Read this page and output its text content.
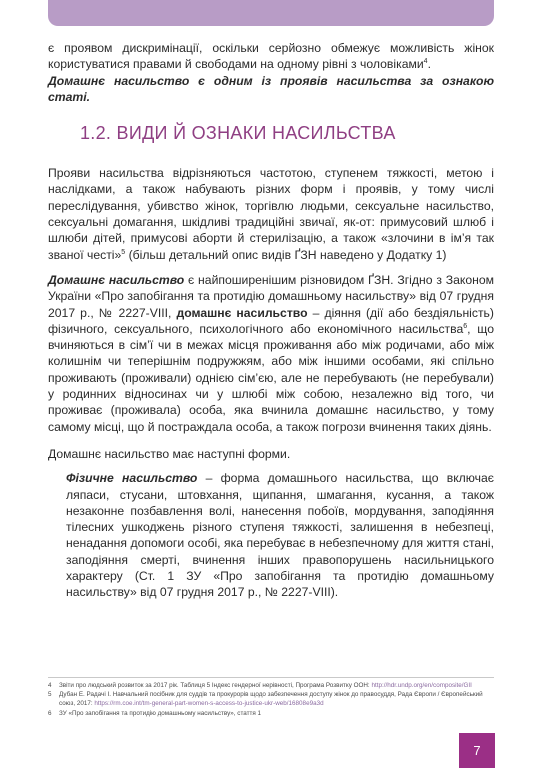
є проявом дискримінації, оскільки серйозно обмежує можливість жінок користуватися правами й свободами на одному рівні з чоловіками$^4$.

Домашнє насильство є одним із проявів насильства за ознакою статі.

1.2. ВИДИ Й ОЗНАКИ НАСИЛЬСТВА

Прояви насильства відрізняються частотою, ступенем тяжкості, метою і наслідками, а також набувають різних форм і проявів, у тому числі переслідування, убивство жінок, торгівлю людьми, сексуальне насильство, сексуальні домагання, шкідливі традиційні звичаї, як-от: примусовий шлюб і шлюби дітей, примусові аборти й стерилізацію, а також «злочини в ім’я так званої честі»$^5$ (більш детальний опис видів ҐЗН наведено у Додатку 1)

Домашнє насильство є найпоширенішим різновидом ҐЗН. Згідно з Законом України «Про запобігання та протидію домашньому насильству» від 07 грудня 2017 р., № 2227-VIII, домашнє насильство – діяння (дії або бездіяльність) фізичного, сексуального, психологічного або економічного насильства$^6$, що вчиняються в сім’ї чи в межах місця проживання або між родичами, або між колишнім чи теперішнім подружжям, або між іншими особами, які спільно проживають (проживали) однією сім’єю, але не перебувають (не перебували) у родинних відносинах чи у шлюбі між собою, незалежно від того, чи проживає (проживала) особа, яка вчинила домашнє насильство, у тому самому місці, що й постраждала особа, а також погрози вчинення таких діянь.

Домашнє насильство має наступні форми.

Фізичне насильство – форма домашнього насильства, що включає ляпаси, стусани, штовхання, щипання, шмагання, кусання, а також незаконне позбавлення волі, нанесення побоїв, мордування, заподіяння тілесних ушкоджень різного ступеня тяжкості, залишення в небезпеці, ненадання допомоги особі, яка перебуває в небезпечному для життя стані, заподіяння смерті, вчинення інших правопорушень насильницького характеру (Ст. 1 ЗУ «Про запобігання та протидію домашньому насильству» від 07 грудня 2017 р., № 2227-VIII).

4	Звіти про людський розвиток за 2017 рік. Таблиця 5 Індекс гендерної нерівності, Програма Розвитку ООН: http://hdr.undp.org/en/composite/GII
5	Дубан Е. Радачі І. Навчальний посібник для суддів та прокурорів щодо забезпечення доступу жінок до правосуддя, Рада Європи / Європейський союз, 2017: https://rm.coe.int/tm-general-part-women-s-access-to-justice-ukr-web/16808e9a3d
6	ЗУ «Про запобігання та протидію домашньому насильству», стаття 1
7
